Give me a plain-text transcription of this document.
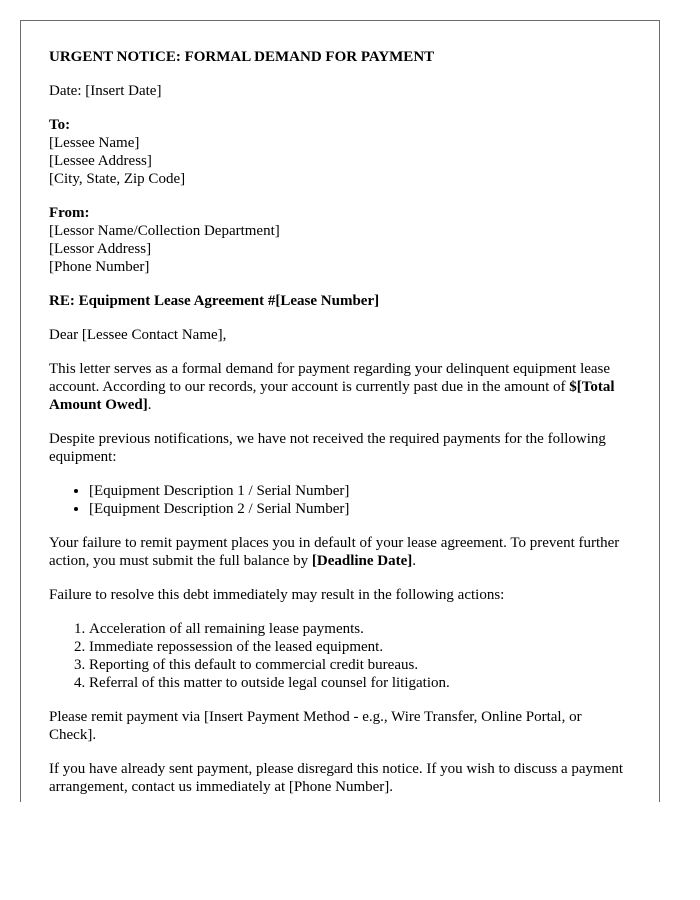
URGENT NOTICE: FORMAL DEMAND FOR PAYMENT

Date: [Insert Date]

To:
[Lessee Name]
[Lessee Address]
[City, State, Zip Code]
From:
[Lessor Name/Collection Department]
[Lessor Address]
[Phone Number]

RE: Equipment Lease Agreement #[Lease Number]

Dear [Lessee Contact Name],

This letter serves as a formal demand for payment regarding your delinquent equipment lease account. According to our records, your account is currently past due in the amount of $[Total Amount Owed].

Despite previous notifications, we have not received the required payments for the following equipment:

• [Equipment Description 1 / Serial Number]
• [Equipment Description 2 / Serial Number]

Your failure to remit payment places you in default of your lease agreement. To prevent further action, you must submit the full balance by [Deadline Date].

Failure to resolve this debt immediately may result in the following actions:

1. Acceleration of all remaining lease payments.
2. Immediate repossession of the leased equipment.
3. Reporting of this default to commercial credit bureaus.
4. Referral of this matter to outside legal counsel for litigation.

Please remit payment via [Insert Payment Method - e.g., Wire Transfer, Online Portal, or Check].

If you have already sent payment, please disregard this notice. If you wish to discuss a payment arrangement, contact us immediately at [Phone Number].
